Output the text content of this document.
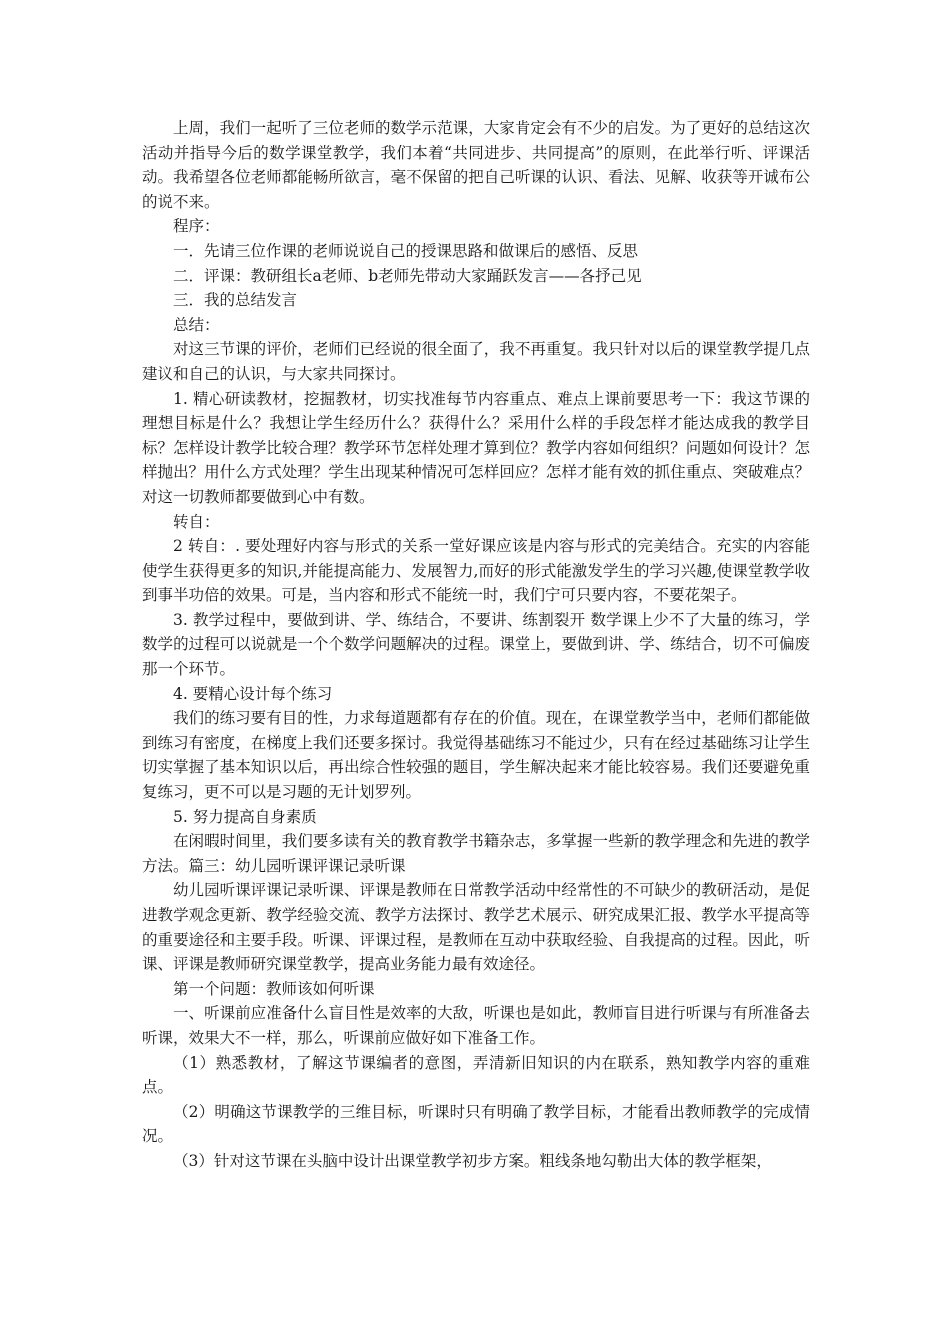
上周，我们一起听了三位老师的数学示范课，大家肯定会有不少的启发。为了更好的总结这次活动并指导今后的数学课堂教学，我们本着“共同进步、共同提高”的原则，在此举行听、评课活动。我希望各位老师都能畅所欲言，毫不保留的把自己听课的认识、看法、见解、收获等开诚布公的说不来。

程序：

一．先请三位作课的老师说说自己的授课思路和做课后的感悟、反思

二．评课：教研组长a老师、b老师先带动大家踊跃发言——各抒己见

三．我的总结发言

总结：

对这三节课的评价，老师们已经说的很全面了，我不再重复。我只针对以后的课堂教学提几点建议和自己的认识，与大家共同探讨。

1. 精心研读教材，挖掘教材，切实找准每节内容重点、难点上课前要思考一下：我这节课的理想目标是什么？我想让学生经历什么？获得什么？采用什么样的手段怎样才能达成我的教学目标？怎样设计教学比较合理？教学环节怎样处理才算到位？教学内容如何组织？问题如何设计？怎样抛出？用什么方式处理？学生出现某种情况可怎样回应？怎样才能有效的抓住重点、突破难点？对这一切教师都要做到心中有数。

转自：

2 转自：. 要处理好内容与形式的关系一堂好课应该是内容与形式的完美结合。充实的内容能使学生获得更多的知识,并能提高能力、发展智力,而好的形式能激发学生的学习兴趣,使课堂教学收到事半功倍的效果。可是，当内容和形式不能统一时，我们宁可只要内容，不要花架子。

3. 教学过程中，要做到讲、学、练结合，不要讲、练割裂开 数学课上少不了大量的练习，学数学的过程可以说就是一个个数学问题解决的过程。课堂上，要做到讲、学、练结合，切不可偏废那一个环节。

4. 要精心设计每个练习

我们的练习要有目的性，力求每道题都有存在的价值。现在，在课堂教学当中，老师们都能做到练习有密度，在梯度上我们还要多探讨。我觉得基础练习不能过少，只有在经过基础练习让学生切实掌握了基本知识以后，再出综合性较强的题目，学生解决起来才能比较容易。我们还要避免重复练习，更不可以是习题的无计划罗列。

5. 努力提高自身素质

在闲暇时间里，我们要多读有关的教育教学书籍杂志，多掌握一些新的教学理念和先进的教学方法。篇三：幼儿园听课评课记录听课

幼儿园听课评课记录听课、评课是教师在日常教学活动中经常性的不可缺少的教研活动，是促进教学观念更新、教学经验交流、教学方法探讨、教学艺术展示、研究成果汇报、教学水平提高等的重要途径和主要手段。听课、评课过程，是教师在互动中获取经验、自我提高的过程。因此，听课、评课是教师研究课堂教学，提高业务能力最有效途径。

第一个问题：教师该如何听课

一、听课前应准备什么盲目性是效率的大敌，听课也是如此，教师盲目进行听课与有所准备去听课，效果大不一样，那么，听课前应做好如下准备工作。

（1）熟悉教材，了解这节课编者的意图，弄清新旧知识的内在联系，熟知教学内容的重难点。

（2）明确这节课教学的三维目标，听课时只有明确了教学目标，才能看出教师教学的完成情况。

（3）针对这节课在头脑中设计出课堂教学初步方案。粗线条地勾勒出大体的教学框架，
